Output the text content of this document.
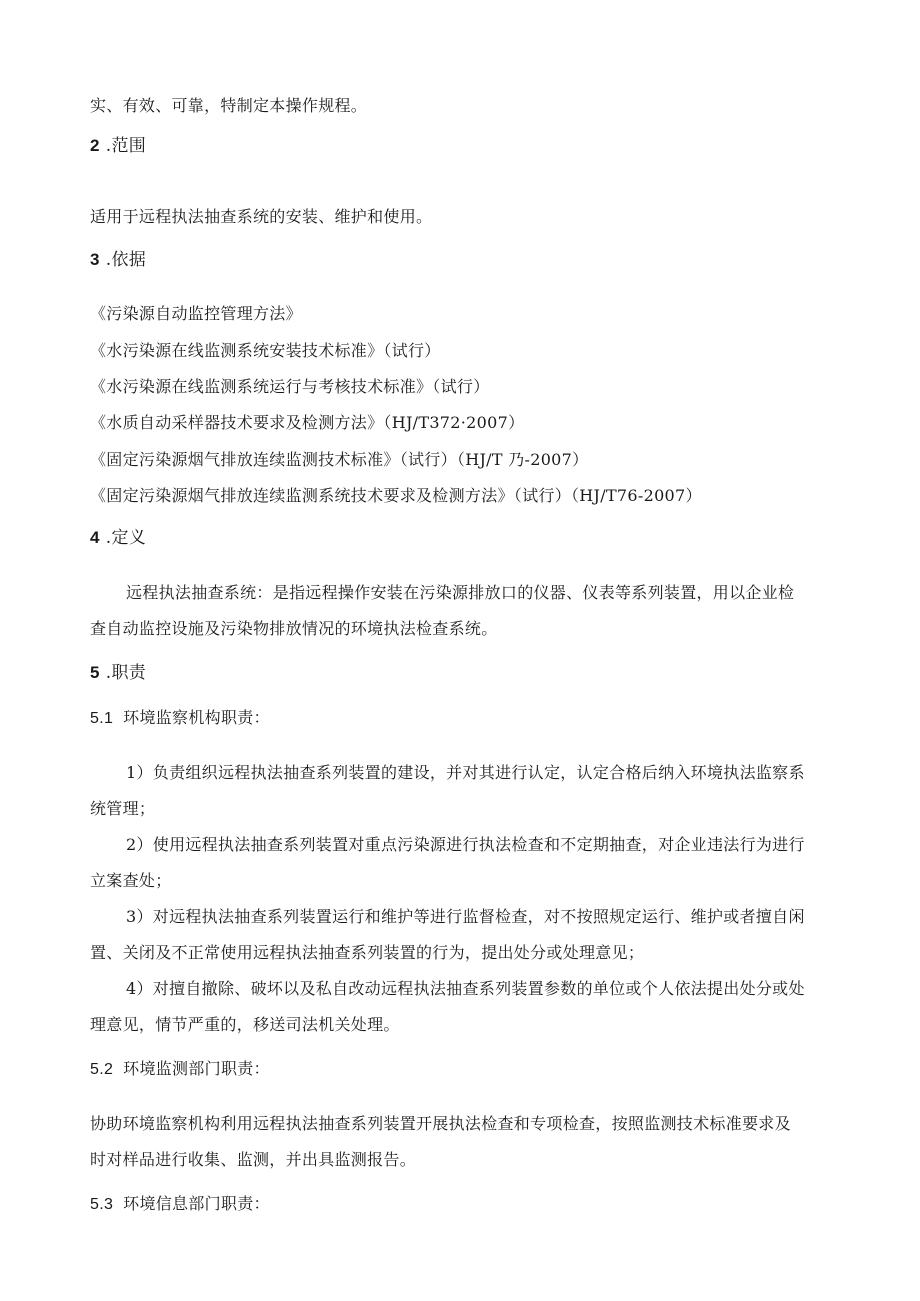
实、有效、可靠，特制定本操作规程。
2 .范围
适用于远程执法抽查系统的安装、维护和使用。
3 .依据
《污染源自动监控管理方法》
《水污染源在线监测系统安装技术标准》（试行）
《水污染源在线监测系统运行与考核技术标准》（试行）
《水质自动采样器技术要求及检测方法》（HJ/T372·2007）
《固定污染源烟气排放连续监测技术标准》（试行）（HJ/T 乃-2007）
《固定污染源烟气排放连续监测系统技术要求及检测方法》（试行）（HJ/T76-2007）
4 .定义
远程执法抽查系统：是指远程操作安装在污染源排放口的仪器、仪表等系列装置，用以企业检
查自动监控设施及污染物排放情况的环境执法检查系统。
5 .职责
5.1 环境监察机构职责：
1）负责组织远程执法抽查系列装置的建设，并对其进行认定，认定合格后纳入环境执法监察系
统管理；
2）使用远程执法抽查系列装置对重点污染源进行执法检查和不定期抽查，对企业违法行为进行
立案查处；
3）对远程执法抽查系列装置运行和维护等进行监督检查，对不按照规定运行、维护或者擅自闲
置、关闭及不正常使用远程执法抽查系列装置的行为，提出处分或处理意见；
4）对擅自撤除、破坏以及私自改动远程执法抽查系列装置参数的单位或个人依法提出处分或处
理意见，情节严重的，移送司法机关处理。
5.2 环境监测部门职责：
协助环境监察机构利用远程执法抽查系列装置开展执法检查和专项检查，按照监测技术标准要求及
时对样品进行收集、监测，并出具监测报告。
5.3 环境信息部门职责：
